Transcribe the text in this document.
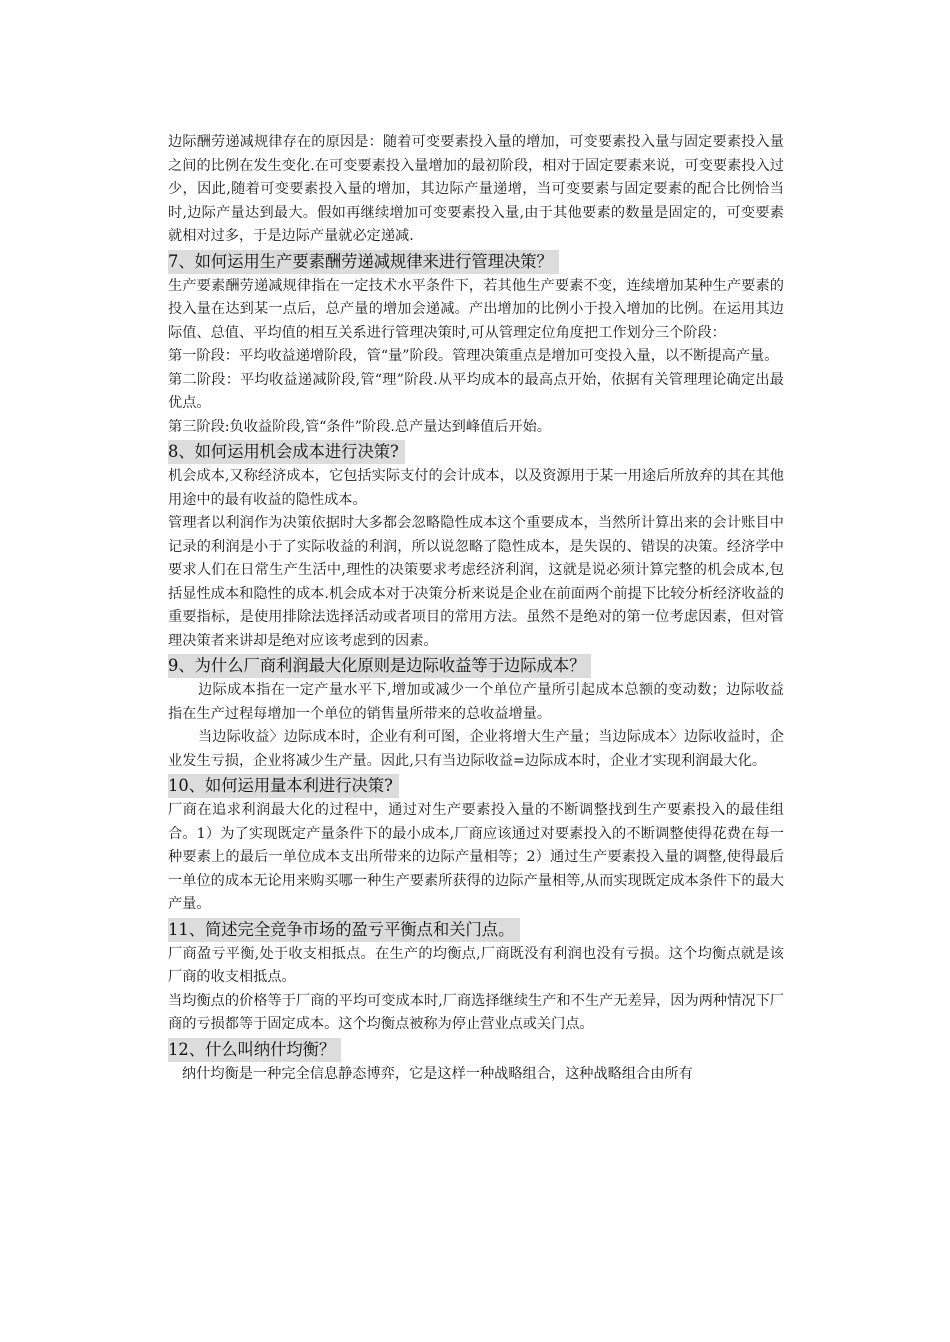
边际酬劳递减规律存在的原因是：随着可变要素投入量的增加，可变要素投入量与固定要素投入量之间的比例在发生变化.在可变要素投入量增加的最初阶段，相对于固定要素来说，可变要素投入过少，因此,随着可变要素投入量的增加，其边际产量递增，当可变要素与固定要素的配合比例恰当时,边际产量达到最大。假如再继续增加可变要素投入量,由于其他要素的数量是固定的，可变要素就相对过多，于是边际产量就必定递减.

7、如何运用生产要素酬劳递减规律来进行管理决策？

生产要素酬劳递减规律指在一定技术水平条件下，若其他生产要素不变，连续增加某种生产要素的投入量在达到某一点后，总产量的增加会递减。产出增加的比例小于投入增加的比例。在运用其边际值、总值、平均值的相互关系进行管理决策时,可从管理定位角度把工作划分三个阶段：

第一阶段：平均收益递增阶段，管“量”阶段。管理决策重点是增加可变投入量，以不断提高产量。

第二阶段：平均收益递减阶段,管“理”阶段.从平均成本的最高点开始，依据有关管理理论确定出最优点。

第三阶段:负收益阶段,管“条件”阶段.总产量达到峰值后开始。

8、如何运用机会成本进行决策?

机会成本,又称经济成本，它包括实际支付的会计成本，以及资源用于某一用途后所放弃的其在其他用途中的最有收益的隐性成本。

管理者以利润作为决策依据时大多都会忽略隐性成本这个重要成本，当然所计算出来的会计账目中记录的利润是小于了实际收益的利润，所以说忽略了隐性成本，是失误的、错误的决策。经济学中要求人们在日常生产生活中,理性的决策要求考虑经济利润，这就是说必须计算完整的机会成本,包括显性成本和隐性的成本.机会成本对于决策分析来说是企业在前面两个前提下比较分析经济收益的重要指标，是使用排除法选择活动或者项目的常用方法。虽然不是绝对的第一位考虑因素，但对管理决策者来讲却是绝对应该考虑到的因素。

9、为什么厂商利润最大化原则是边际收益等于边际成本？

边际成本指在一定产量水平下,增加或减少一个单位产量所引起成本总额的变动数；边际收益指在生产过程每增加一个单位的销售量所带来的总收益增量。

当边际收益〉边际成本时，企业有利可图，企业将增大生产量；当边际成本〉边际收益时，企业发生亏损，企业将减少生产量。因此,只有当边际收益=边际成本时，企业才实现利润最大化。

10、如何运用量本利进行决策?

厂商在追求利润最大化的过程中，通过对生产要素投入量的不断调整找到生产要素投入的最佳组合。1）为了实现既定产量条件下的最小成本,厂商应该通过对要素投入的不断调整使得花费在每一种要素上的最后一单位成本支出所带来的边际产量相等；2）通过生产要素投入量的调整,使得最后一单位的成本无论用来购买哪一种生产要素所获得的边际产量相等,从而实现既定成本条件下的最大产量。

11、简述完全竞争市场的盈亏平衡点和关门点。

厂商盈亏平衡,处于收支相抵点。在生产的均衡点,厂商既没有利润也没有亏损。这个均衡点就是该厂商的收支相抵点。

当均衡点的价格等于厂商的平均可变成本时,厂商选择继续生产和不生产无差异，因为两种情况下厂商的亏损都等于固定成本。这个均衡点被称为停止营业点或关门点。

12、什么叫纳什均衡？

纳什均衡是一种完全信息静态博弈，它是这样一种战略组合，这种战略组合由所有
